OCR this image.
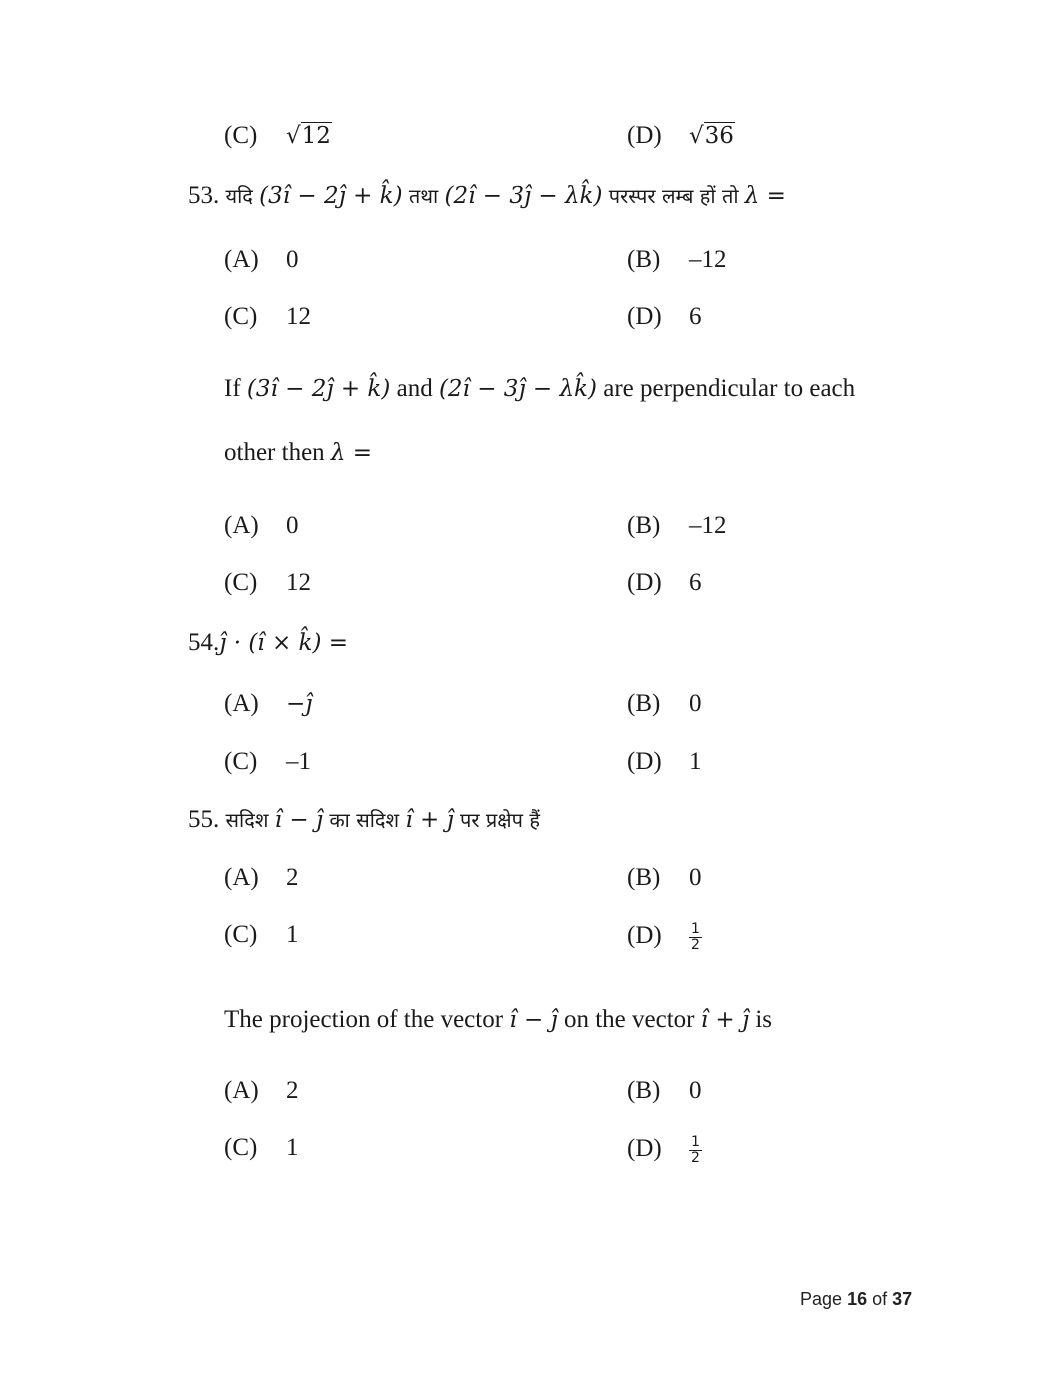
(C) √12	(D) √36
53. यदि (3î − 2ĵ + k̂) तथा (2î − 3ĵ − λk̂) परस्पर लम्ब हों तो λ =
(A) 0	(B) –12
(C) 12	(D) 6
If (3î − 2ĵ + k̂) and (2î − 3ĵ − λk̂) are perpendicular to each
other then λ =
(A) 0	(B) –12
(C) 12	(D) 6
54.ĵ · (î × k̂) =
(A) −ĵ	(B) 0
(C) –1	(D) 1
55. सदिश î − ĵ का सदिश î + ĵ पर प्रक्षेप हैं
(A) 2	(B) 0
(C) 1	$(D) \frac{1}{2}$
The projection of the vector î − ĵ on the vector î + ĵ is
(A) 2	(B) 0
(C) 1	$(D) \frac{1}{2}$
Page 16 of 37
